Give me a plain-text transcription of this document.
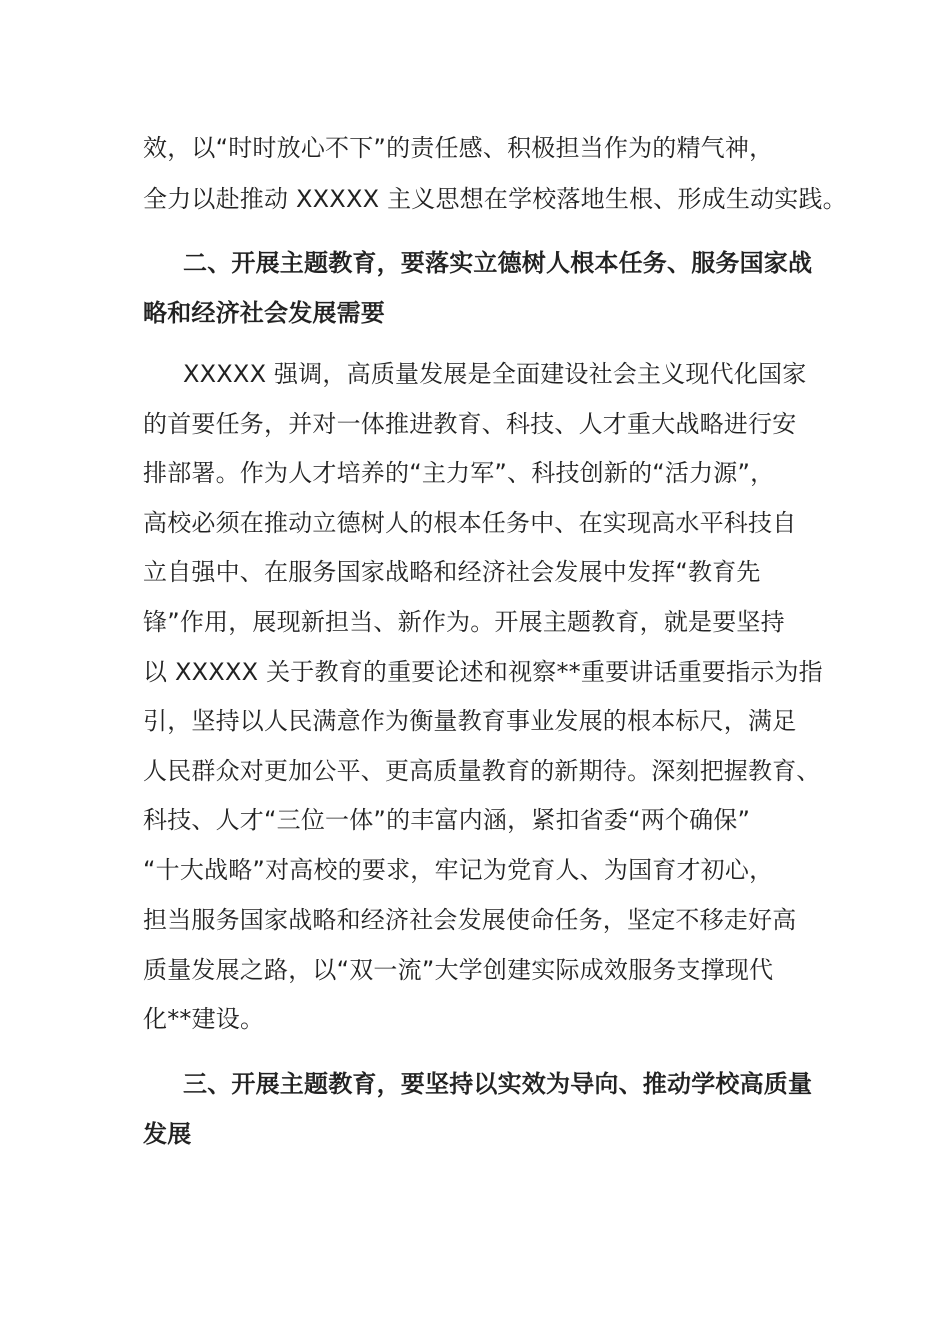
效，以“时时放心不下”的责任感、积极担当作为的精气神，
全力以赴推动 XXXXX 主义思想在学校落地生根、形成生动实践。
二、开展主题教育，要落实立德树人根本任务、服务国家战
略和经济社会发展需要
XXXXX 强调，高质量发展是全面建设社会主义现代化国家
的首要任务，并对一体推进教育、科技、人才重大战略进行安
排部署。作为人才培养的“主力军”、科技创新的“活力源”，
高校必须在推动立德树人的根本任务中、在实现高水平科技自
立自强中、在服务国家战略和经济社会发展中发挥“教育先
锋”作用，展现新担当、新作为。开展主题教育，就是要坚持
以 XXXXX 关于教育的重要论述和视察**重要讲话重要指示为指
引，坚持以人民满意作为衡量教育事业发展的根本标尺，满足
人民群众对更加公平、更高质量教育的新期待。深刻把握教育、
科技、人才“三位一体”的丰富内涵，紧扣省委“两个确保”
“十大战略”对高校的要求，牢记为党育人、为国育才初心，
担当服务国家战略和经济社会发展使命任务，坚定不移走好高
质量发展之路，以“双一流”大学创建实际成效服务支撑现代
化**建设。
三、开展主题教育，要坚持以实效为导向、推动学校高质量
发展
